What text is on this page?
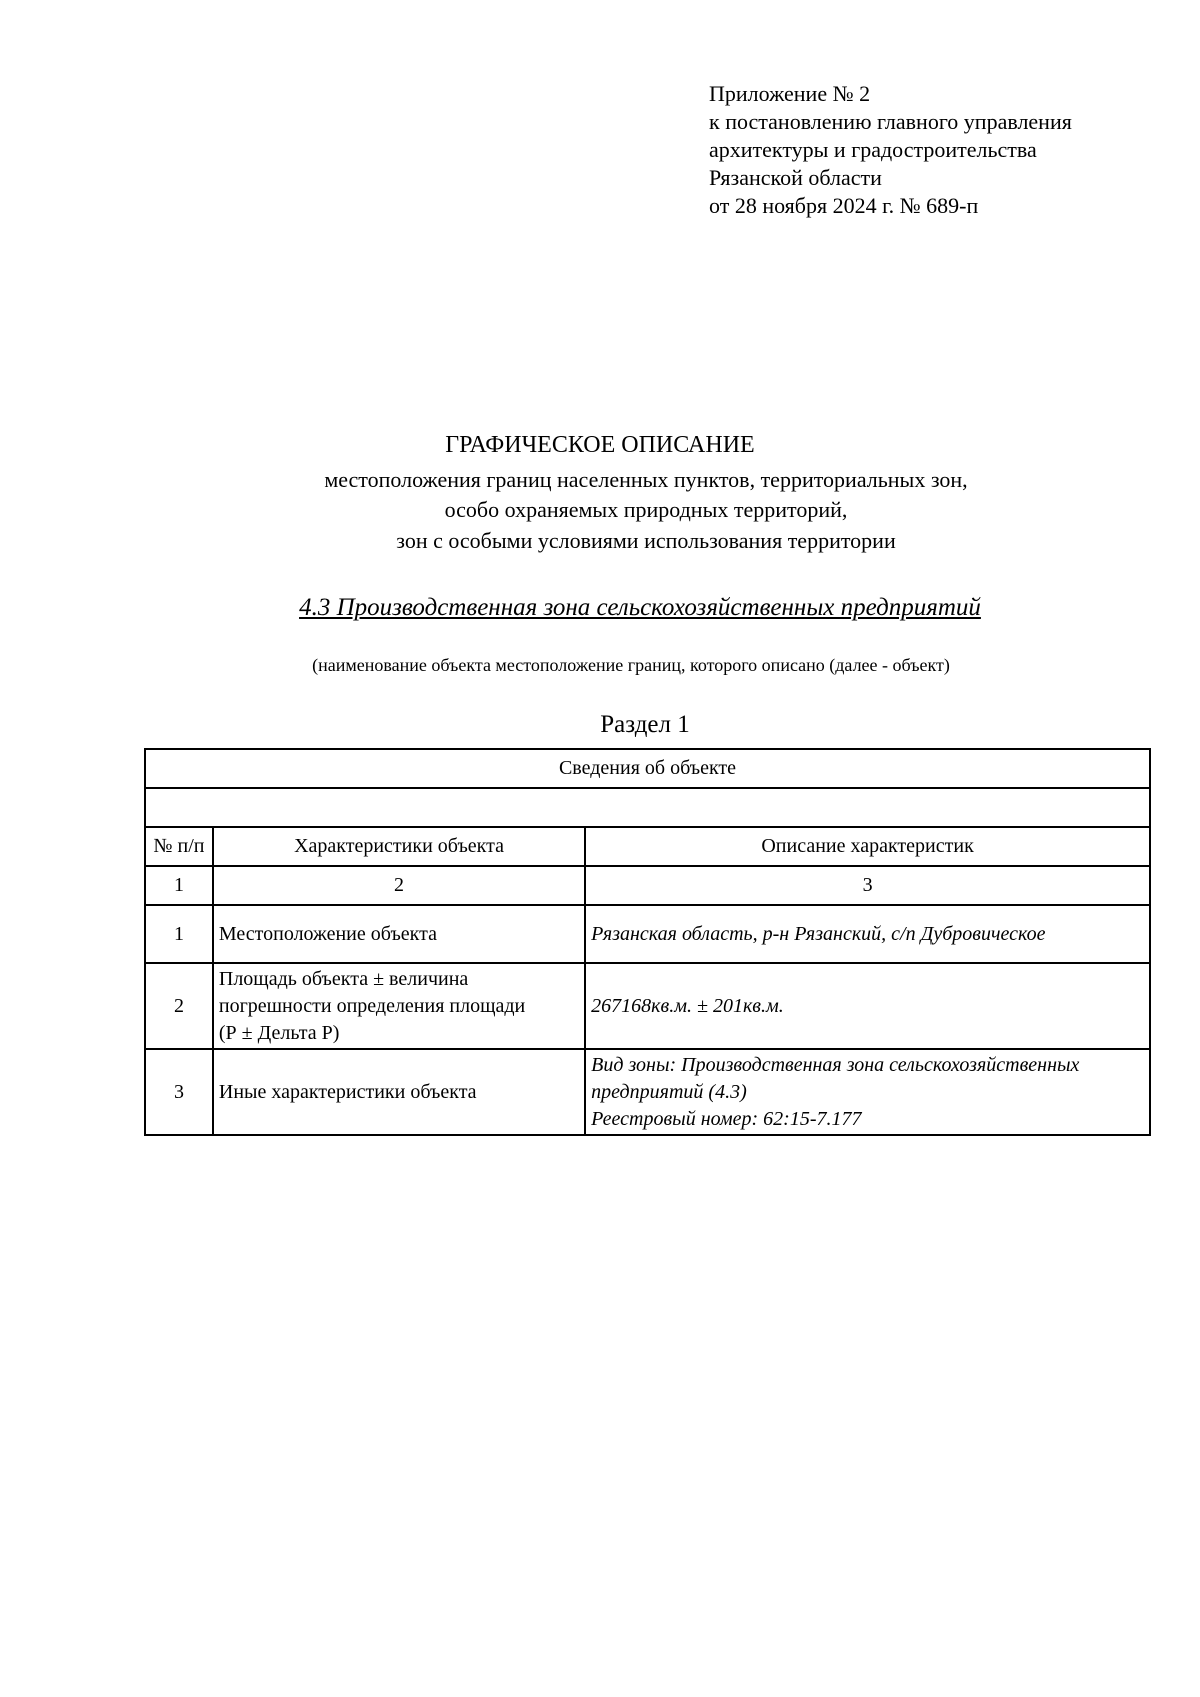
Приложение № 2
к постановлению главного управления
архитектуры и градостроительства
Рязанской области
от 28 ноября 2024 г. № 689-п
ГРАФИЧЕСКОЕ ОПИСАНИЕ
местоположения границ населенных пунктов, территориальных зон,
особо охраняемых природных территорий,
зон с особыми условиями использования территории
4.3 Производственная зона сельскохозяйственных предприятий
(наименование объекта местоположение границ, которого описано (далее - объект)
Раздел 1
Сведения об объекте		

№ п/п	Характеристики объекта	Описание характеристик
1	2	3
1	Местоположение объекта	Рязанская область, р-н Рязанский, с/п Дубровическое
2	Площадь объекта ± величина
погрешности определения площади
(Р ± Дельта Р)	267168кв.м. ± 201кв.м.
3	Иные характеристики объекта	Вид зоны: Производственная зона сельскохозяйственных
предприятий (4.3)
Реестровый номер: 62:15-7.177
